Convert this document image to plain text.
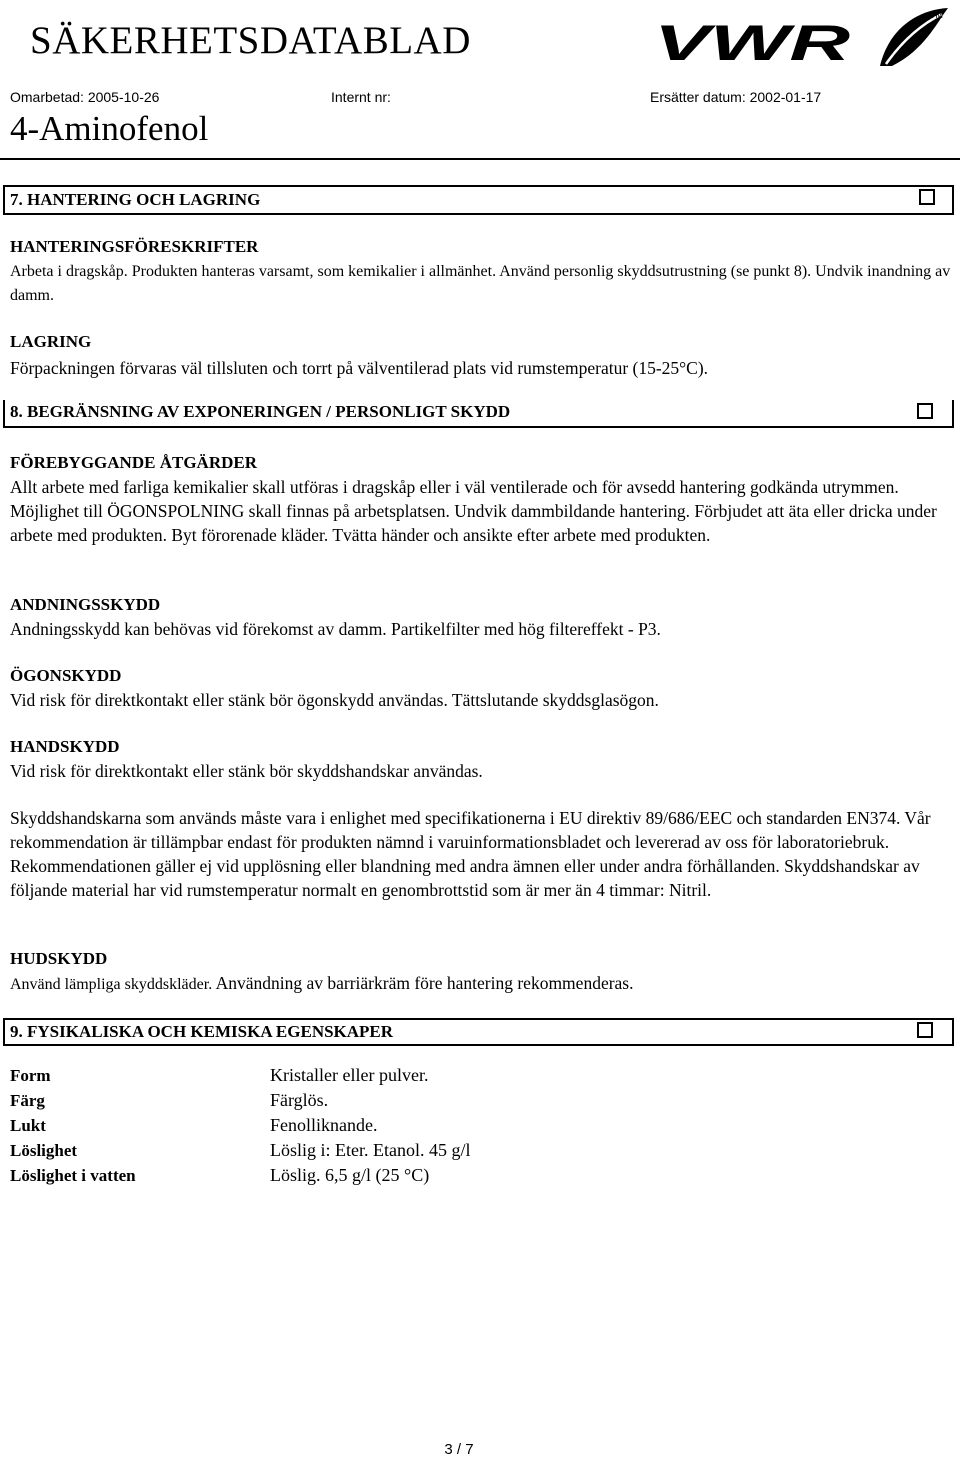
SÄKERHETSDATABLAD	VWR	TM
Omarbetad: 2005-10-26	Internt nr:	Ersätter datum: 2002-01-17
4-Aminofenol
7. HANTERING OCH LAGRING
HANTERINGSFÖRESKRIFTER
Arbeta i dragskåp. Produkten hanteras varsamt, som kemikalier i allmänhet. Använd personlig skyddsutrustning (se punkt 8). Undvik inandning av damm.
LAGRING
Förpackningen förvaras väl tillsluten och torrt på välventilerad plats vid rumstemperatur (15-25°C).
8. BEGRÄNSNING AV EXPONERINGEN / PERSONLIGT SKYDD
FÖREBYGGANDE ÅTGÄRDER
Allt arbete med farliga kemikalier skall utföras i dragskåp eller i väl ventilerade och för avsedd hantering godkända utrymmen. Möjlighet till ÖGONSPOLNING skall finnas på arbetsplatsen. Undvik dammbildande hantering. Förbjudet att äta eller dricka under arbete med produkten. Byt förorenade kläder. Tvätta händer och ansikte efter arbete med produkten.
ANDNINGSSKYDD
Andningsskydd kan behövas vid förekomst av damm. Partikelfilter med hög filtereffekt - P3.
ÖGONSKYDD
Vid risk för direktkontakt eller stänk bör ögonskydd användas. Tättslutande skyddsglasögon.
HANDSKYDD
Vid risk för direktkontakt eller stänk bör skyddshandskar användas.
Skyddshandskarna som används måste vara i enlighet med specifikationerna i EU direktiv 89/686/EEC och standarden EN374. Vår rekommendation är tillämpbar endast för produkten nämnd i varuinformationsbladet och levererad av oss för laboratoriebruk. Rekommendationen gäller ej vid upplösning eller blandning med andra ämnen eller under andra förhållanden. Skyddshandskar av följande material har vid rumstemperatur normalt en genombrottstid som är mer än 4 timmar: Nitril.
HUDSKYDD
Använd lämpliga skyddskläder. Användning av barriärkräm före hantering rekommenderas.
9. FYSIKALISKA OCH KEMISKA EGENSKAPER
Form	Kristaller eller pulver.
Färg	Färglös.
Lukt	Fenolliknande.
Löslighet	Löslig i: Eter. Etanol. 45 g/l
Löslighet i vatten	Löslig. 6,5 g/l (25 °C)
3 / 7
